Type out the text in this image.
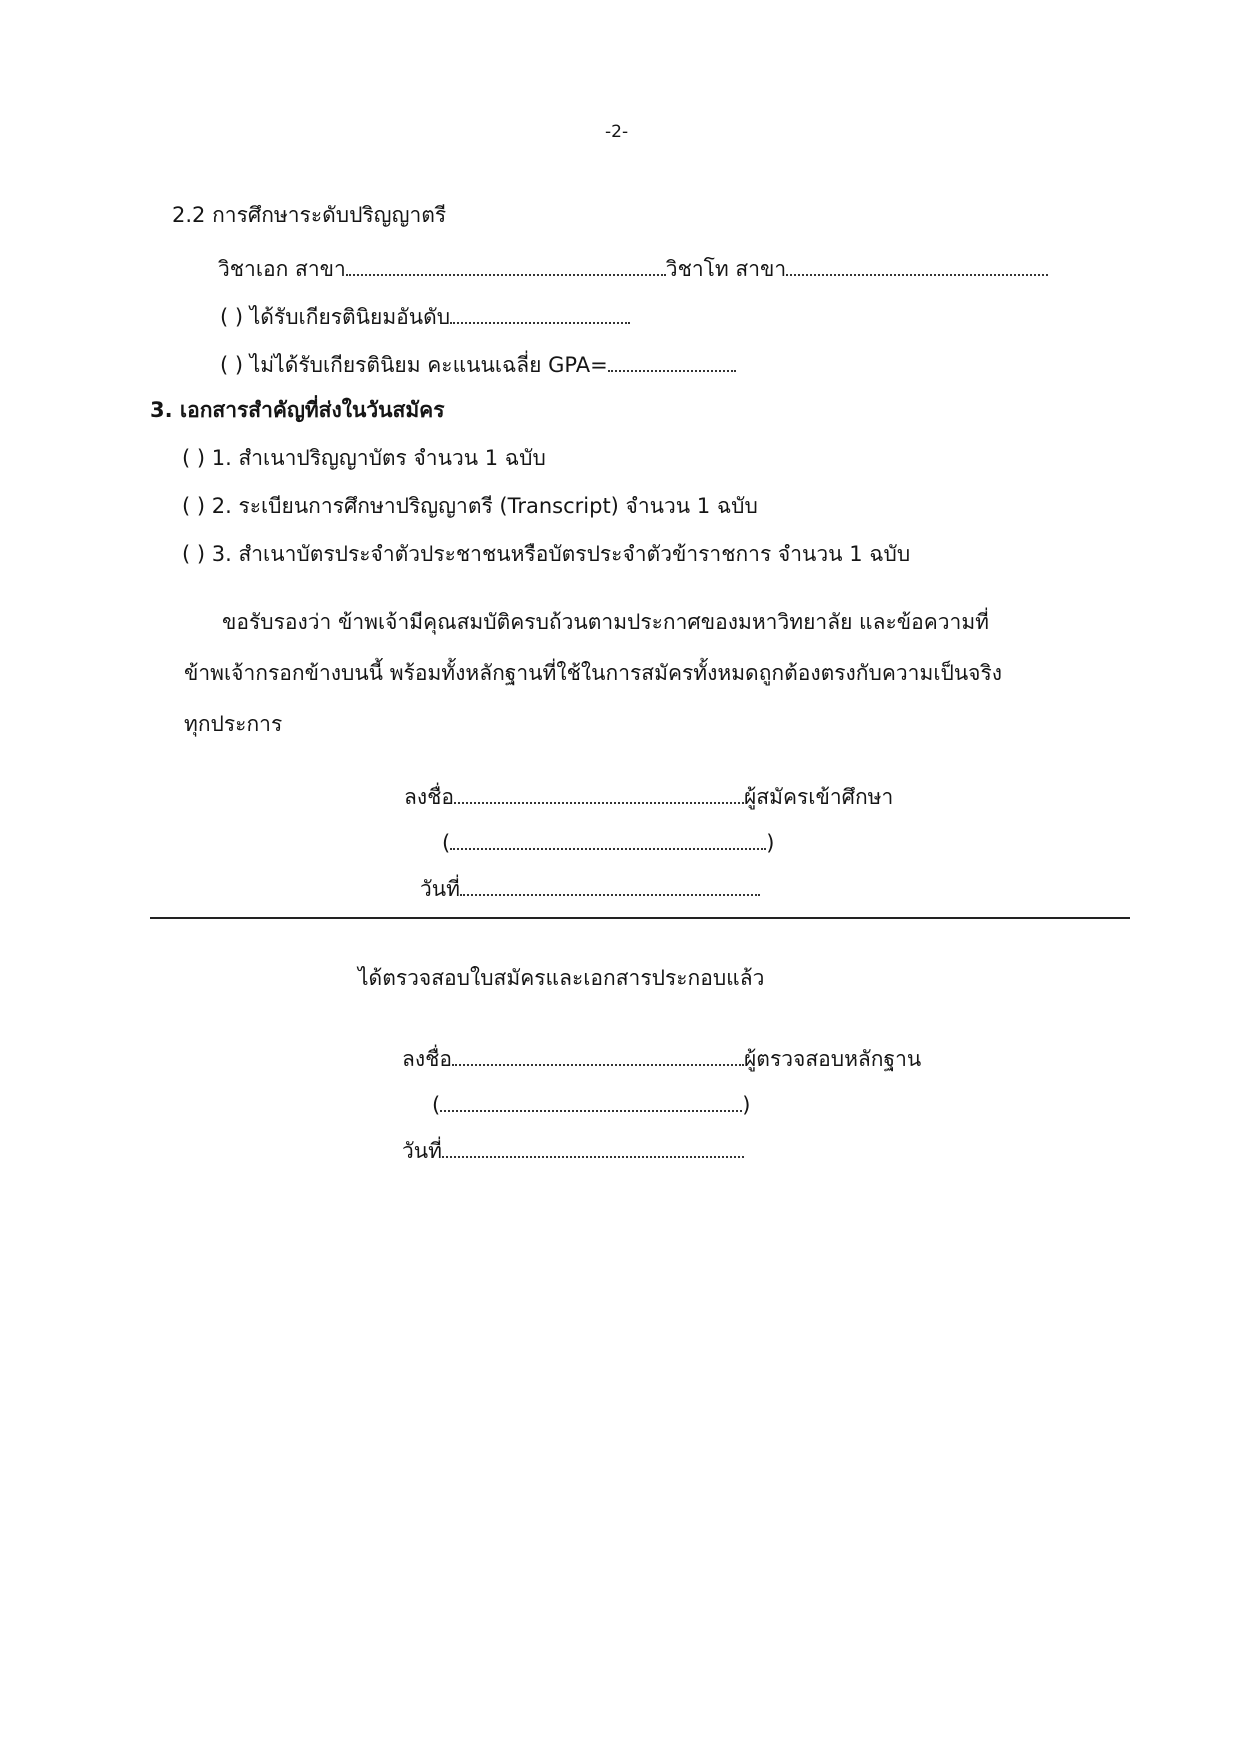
-2-
2.2 การศึกษาระดับปริญญาตรี
วิชาเอก สาขา	วิชาโท สาขา
( ) ได้รับเกียรตินิยมอันดับ
( ) ไม่ได้รับเกียรตินิยม คะแนนเฉลี่ย GPA=
3. เอกสารสำคัญที่ส่งในวันสมัคร
( ) 1. สำเนาปริญญาบัตร จำนวน 1 ฉบับ
( ) 2. ระเบียนการศึกษาปริญญาตรี (Transcript) จำนวน 1 ฉบับ
( ) 3. สำเนาบัตรประจำตัวประชาชนหรือบัตรประจำตัวข้าราชการ จำนวน 1 ฉบับ
ขอรับรองว่า ข้าพเจ้ามีคุณสมบัติครบถ้วนตามประกาศของมหาวิทยาลัย และข้อความที่
ข้าพเจ้ากรอกข้างบนนี้ พร้อมทั้งหลักฐานที่ใช้ในการสมัครทั้งหมดถูกต้องตรงกับความเป็นจริง
ทุกประการ
ลงชื่อ	ผู้สมัครเข้าศึกษา
(	)
วันที่
ได้ตรวจสอบใบสมัครและเอกสารประกอบแล้ว
ลงชื่อ	ผู้ตรวจสอบหลักฐาน
(	)
วันที่
